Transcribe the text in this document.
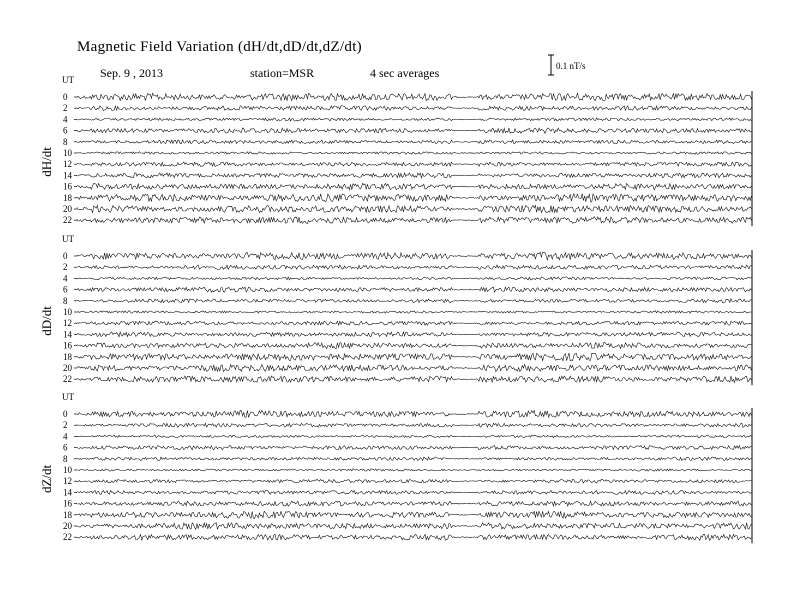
Magnetic Field Variation (dH/dt,dD/dt,dZ/dt)
Sep. 9 , 2013	station=MSR	4 sec averages	0.1 nT/s
UT
dH/dt
0
2
4
6
8
10
12
14
16
18
20
22
UT
dD/dt
0
2
4
6
8
10
12
14
16
18
20
22
UT
dZ/dt
0
2
4
6
8
10
12
14
16
18
20
22
